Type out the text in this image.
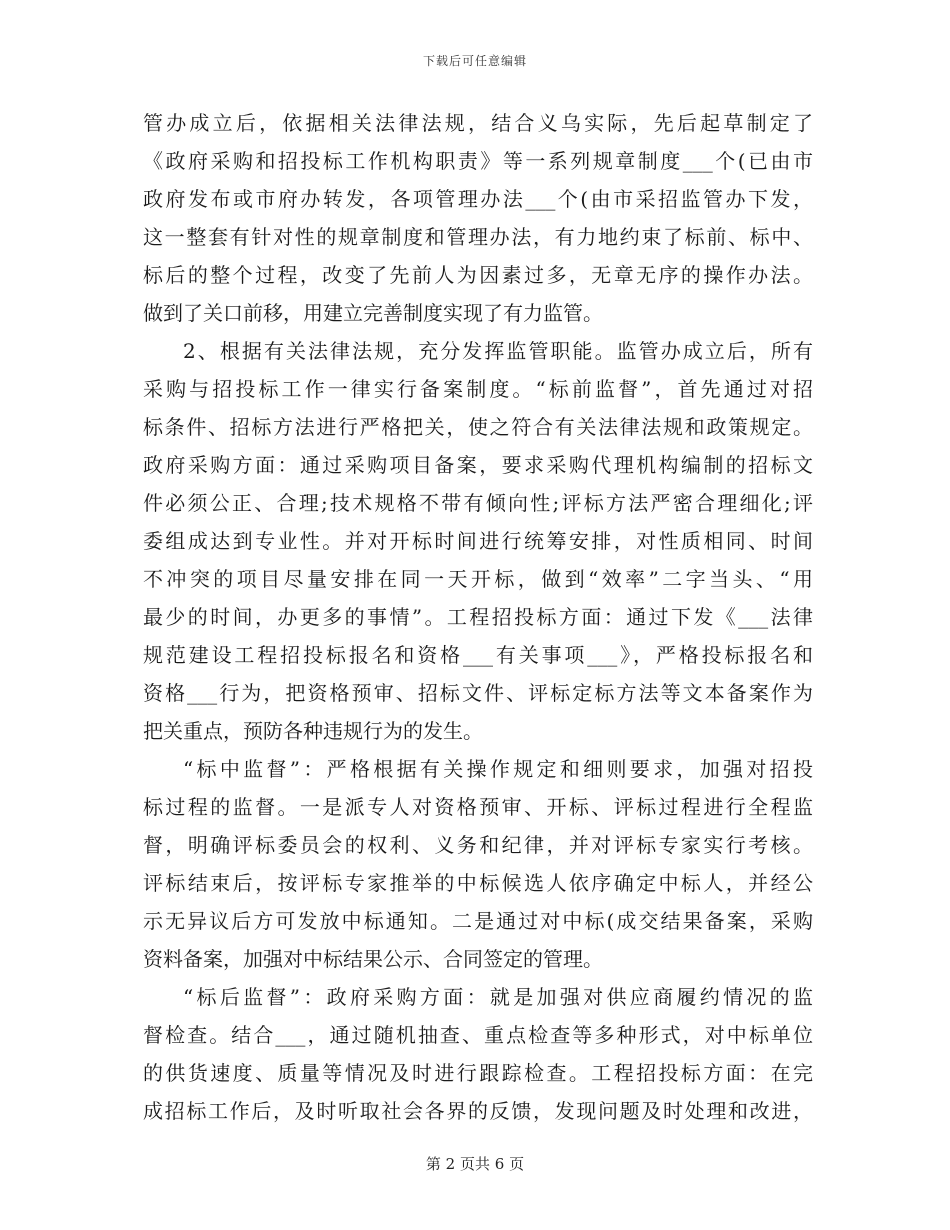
下载后可任意编辑
管办成立后，依据相关法律法规，结合义乌实际，先后起草制定了
《政府采购和招投标工作机构职责》等一系列规章制度___个(已由市
政府发布或市府办转发，各项管理办法___个(由市采招监管办下发，
这一整套有针对性的规章制度和管理办法，有力地约束了标前、标中、
标后的整个过程，改变了先前人为因素过多，无章无序的操作办法。
做到了关口前移，用建立完善制度实现了有力监管。
2、根据有关法律法规，充分发挥监管职能。监管办成立后，所有
采购与招投标工作一律实行备案制度。“标前监督”，首先通过对招
标条件、招标方法进行严格把关，使之符合有关法律法规和政策规定。
政府采购方面：通过采购项目备案，要求采购代理机构编制的招标文
件必须公正、合理;技术规格不带有倾向性;评标方法严密合理细化;评
委组成达到专业性。并对开标时间进行统筹安排，对性质相同、时间
不冲突的项目尽量安排在同一天开标，做到“效率”二字当头、“用
最少的时间，办更多的事情”。工程招投标方面：通过下发《___法律
规范建设工程招投标报名和资格___有关事项___》，严格投标报名和
资格___行为，把资格预审、招标文件、评标定标方法等文本备案作为
把关重点，预防各种违规行为的发生。
“标中监督”：严格根据有关操作规定和细则要求，加强对招投
标过程的监督。一是派专人对资格预审、开标、评标过程进行全程监
督，明确评标委员会的权利、义务和纪律，并对评标专家实行考核。
评标结束后，按评标专家推举的中标候选人依序确定中标人，并经公
示无异议后方可发放中标通知。二是通过对中标(成交结果备案，采购
资料备案，加强对中标结果公示、合同签定的管理。
“标后监督”：政府采购方面：就是加强对供应商履约情况的监
督检查。结合___，通过随机抽查、重点检查等多种形式，对中标单位
的供货速度、质量等情况及时进行跟踪检查。工程招投标方面：在完
成招标工作后，及时听取社会各界的反馈，发现问题及时处理和改进，
第 2 页共 6 页
